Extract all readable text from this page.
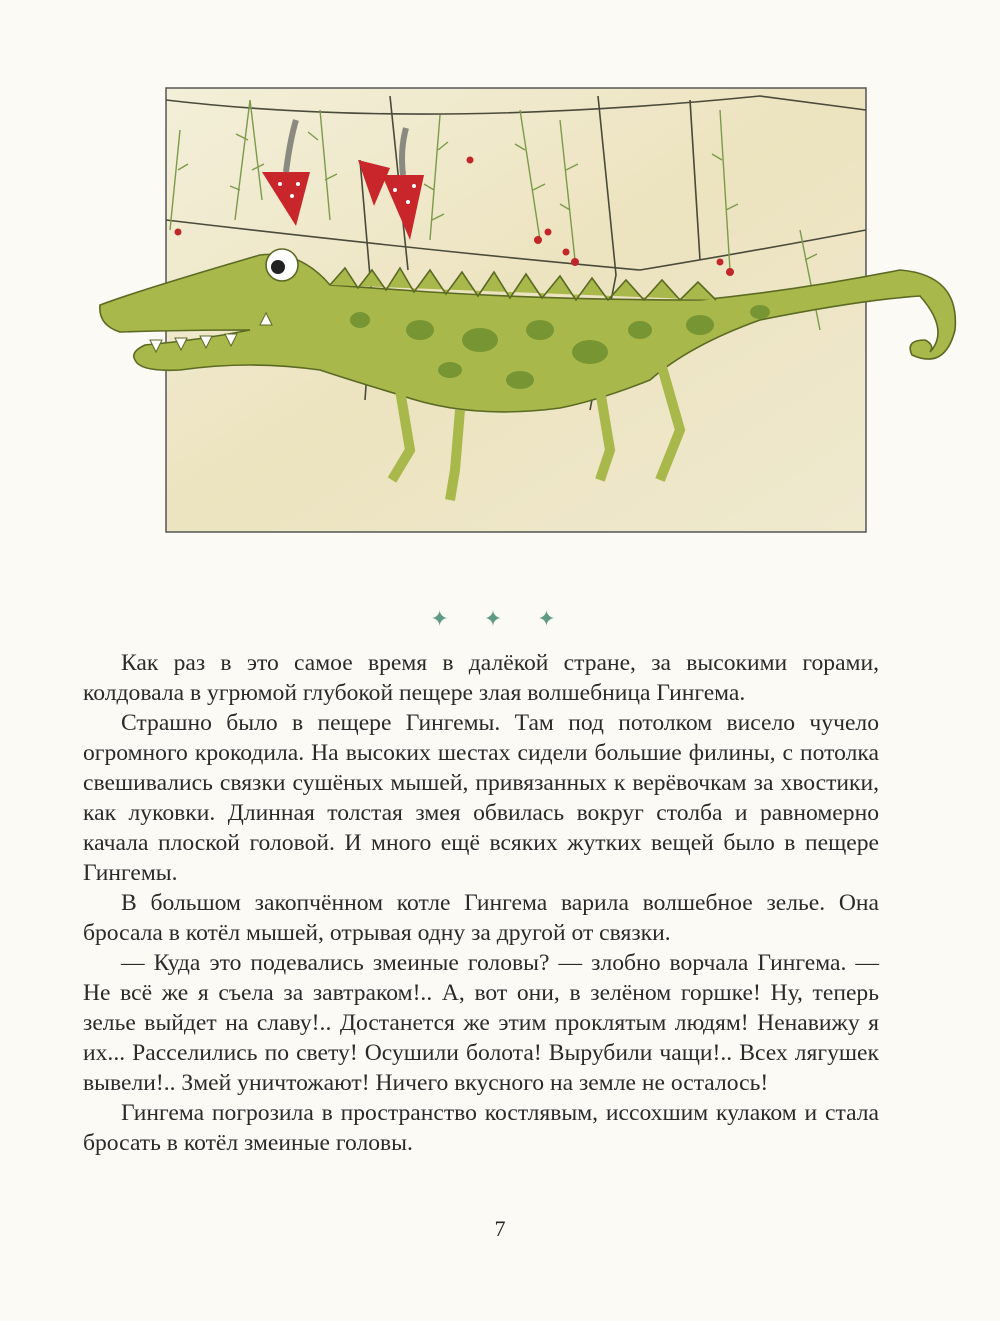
✦ ✦ ✦

Как раз в это самое время в далёкой стране, за высокими горами, колдовала в угрюмой глубокой пещере злая волшебница Гингема.

Страшно было в пещере Гингемы. Там под потолком висело чучело огромного крокодила. На высоких шестах сидели большие филины, с потолка свешивались связки сушёных мышей, привязанных к верёвочкам за хвостики, как луковки. Длинная толстая змея обвилась вокруг столба и равномерно качала плоской головой. И много ещё всяких жутких вещей было в пещере Гингемы.

В большом закопчённом котле Гингема варила волшебное зелье. Она бросала в котёл мышей, отрывая одну за другой от связки.

— Куда это подевались змеиные головы? — злобно ворчала Гингема. — Не всё же я съела за завтраком!.. А, вот они, в зелёном горшке! Ну, теперь зелье выйдет на славу!.. Достанется же этим проклятым людям! Ненавижу я их... Расселились по свету! Осушили болота! Вырубили чащи!.. Всех лягушек вывели!.. Змей уничтожают! Ничего вкусного на земле не осталось!

Гингема погрозила в пространство костлявым, иссохшим кулаком и стала бросать в котёл змеиные головы.

7
